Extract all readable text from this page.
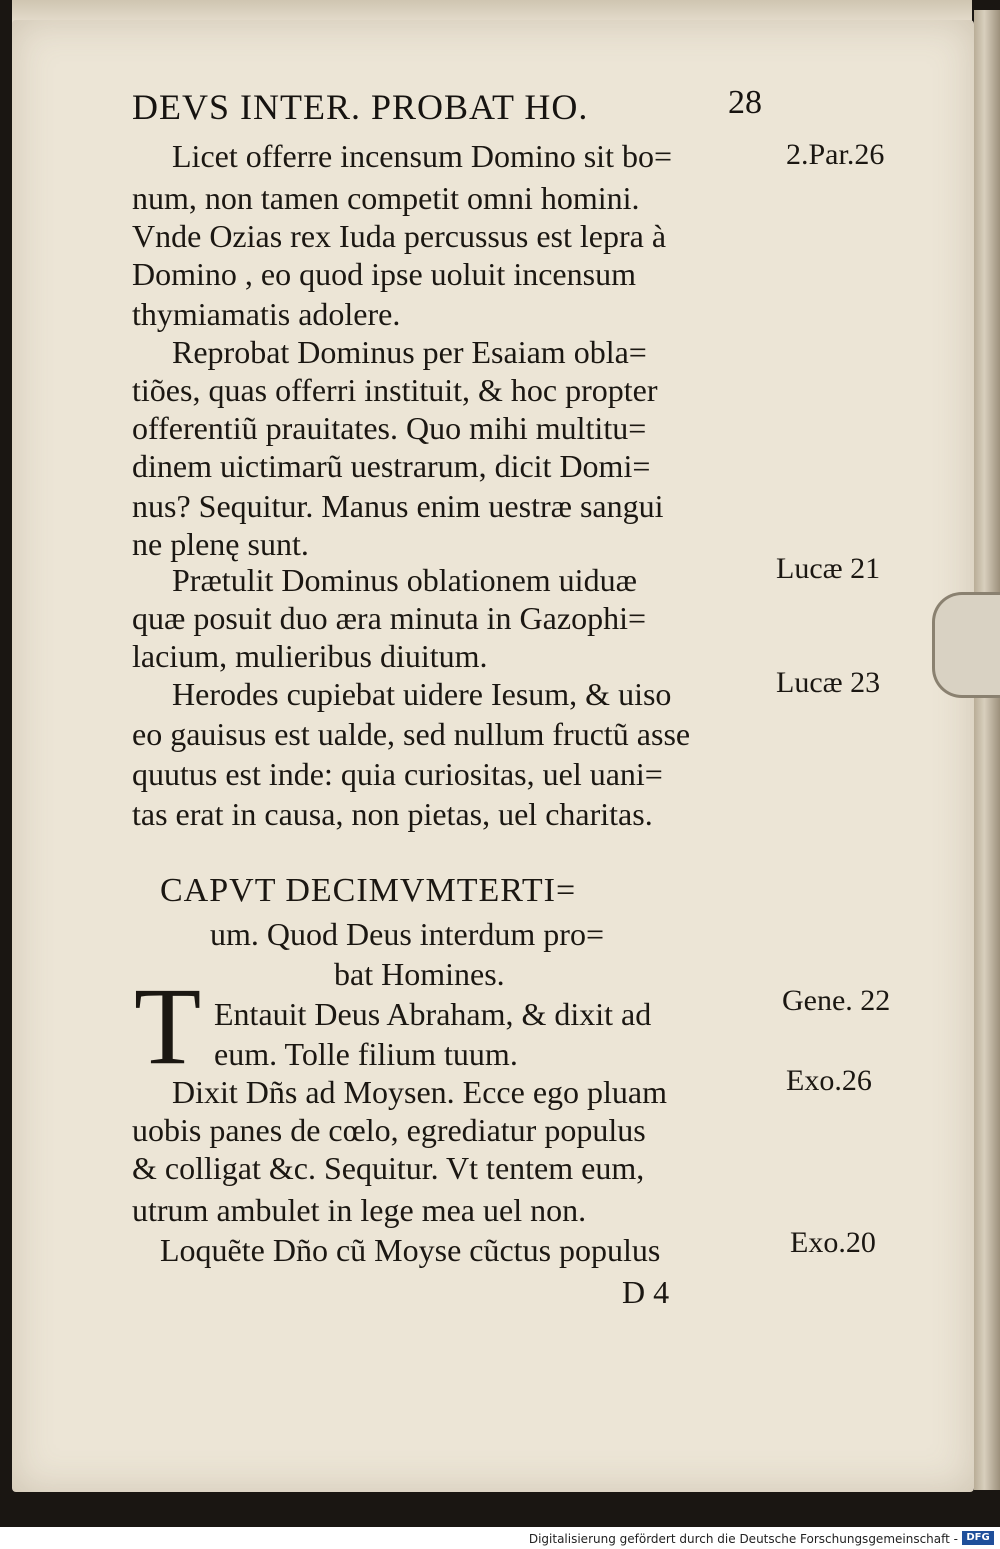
DEVS INTER. PROBAT HO.	28
Licet offerre incensum Domino sit bo=
num, non tamen competit omni homini.
Vnde Ozias rex Iuda percussus est lepra à
Domino , eo quod ipse uoluit incensum
thymiamatis adolere.
Reprobat Dominus per Esaiam obla=
tiões, quas offerri instituit, & hoc propter
offerentiũ prauitates. Quo mihi multitu=
dinem uictimarũ uestrarum, dicit Domi=
nus? Sequitur. Manus enim uestræ sangui
ne plenę sunt.
Prætulit Dominus oblationem uiduæ
quæ posuit duo æra minuta in Gazophi=
lacium, mulieribus diuitum.
Herodes cupiebat uidere Iesum, & uiso
eo gauisus est ualde, sed nullum fructũ asse
quutus est inde: quia curiositas, uel uani=
tas erat in causa, non pietas, uel charitas.
CAPVT DECIMVMTERTI=
um. Quod Deus interdum pro=
bat Homines.
T Entauit Deus Abraham, & dixit ad
eum. Tolle filium tuum.
Dixit Dñs ad Moysen. Ecce ego pluam
uobis panes de cœlo, egrediatur populus
& colligat &c. Sequitur. Vt tentem eum,
utrum ambulet in lege mea uel non.
Loquẽte Dño cũ Moyse cũctus populus
D 4
2.Par.26
Lucæ 21
Lucæ 23
Gene. 22
Exo.26
Exo.20
Digitalisierung gefördert durch die Deutsche Forschungsgemeinschaft - DFG
